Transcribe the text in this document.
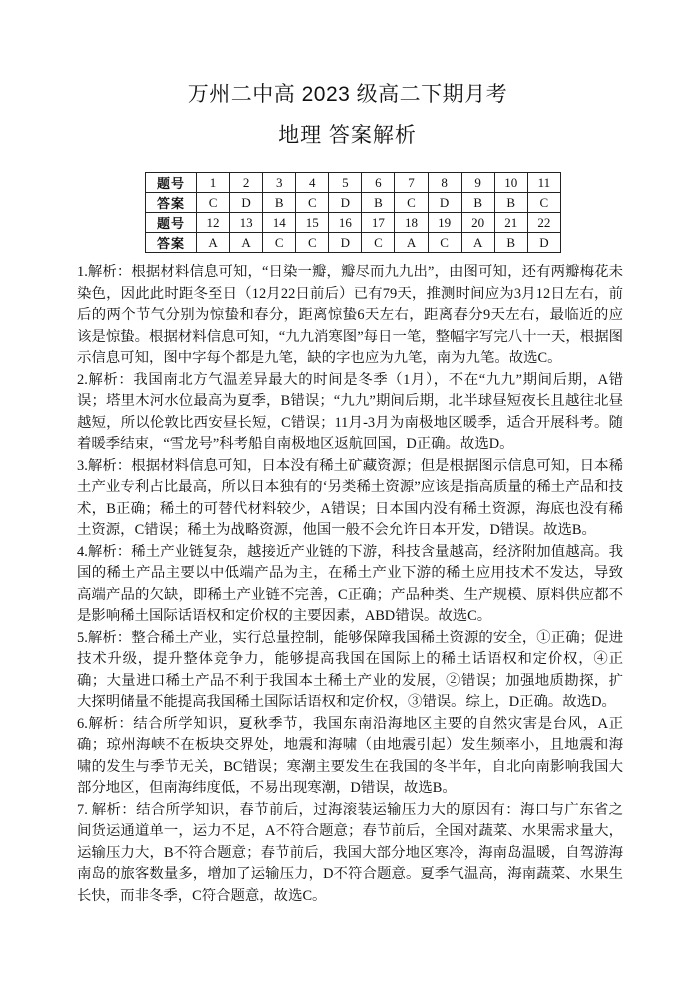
万州二中高 2023 级高二下期月考
地理 答案解析
题号	1	2	3	4	5	6	7	8	9	10	11
答案	C	D	B	C	D	B	C	D	B	B	C
题号	12	13	14	15	16	17	18	19	20	21	22
答案	A	A	C	C	D	C	A	C	A	B	D

1.解析：根据材料信息可知，“日染一瓣，瓣尽而九九出”，由图可知，还有两瓣梅花未染色，因此此时距冬至日（12月22日前后）已有79天，推测时间应为3月12日左右，前后的两个节气分别为惊蛰和春分，距离惊蛰6天左右，距离春分9天左右，最临近的应该是惊蛰。根据材料信息可知，“九九消寒图”每日一笔，整幅字写完八十一天，根据图示信息可知，图中字每个都是九笔，缺的字也应为九笔，南为九笔。故选C。

2.解析：我国南北方气温差异最大的时间是冬季（1月），不在“九九”期间后期，A错误；塔里木河水位最高为夏季，B错误；“九九”期间后期，北半球昼短夜长且越往北昼越短，所以伦敦比西安昼长短，C错误；11月-3月为南极地区暖季，适合开展科考。随着暖季结束，“雪龙号”科考船自南极地区返航回国，D正确。故选D。

3.解析：根据材料信息可知，日本没有稀土矿藏资源；但是根据图示信息可知，日本稀土产业专利占比最高，所以日本独有的‘另类稀土资源”应该是指高质量的稀土产品和技术，B正确；稀土的可替代材料较少，A错误；日本国内没有稀土资源，海底也没有稀土资源，C错误；稀土为战略资源，他国一般不会允许日本开发，D错误。故选B。

4.解析：稀土产业链复杂，越接近产业链的下游，科技含量越高，经济附加值越高。我国的稀土产品主要以中低端产品为主，在稀土产业下游的稀土应用技术不发达，导致高端产品的欠缺，即稀土产业链不完善，C正确；产品种类、生产规模、原料供应都不是影响稀土国际话语权和定价权的主要因素，ABD错误。故选C。

5.解析：整合稀土产业，实行总量控制，能够保障我国稀土资源的安全，①正确；促进技术升级，提升整体竞争力，能够提高我国在国际上的稀土话语权和定价权，④正确；大量进口稀土产品不利于我国本土稀土产业的发展，②错误；加强地质勘探，扩大探明储量不能提高我国稀土国际话语权和定价权，③错误。综上，D正确。故选D。

6.解析：结合所学知识，夏秋季节，我国东南沿海地区主要的自然灾害是台风，A正确；琼州海峡不在板块交界处，地震和海啸（由地震引起）发生频率小，且地震和海啸的发生与季节无关，BC错误；寒潮主要发生在我国的冬半年，自北向南影响我国大部分地区，但南海纬度低，不易出现寒潮，D错误，故选B。

7. 解析：结合所学知识，春节前后，过海滚装运输压力大的原因有：海口与广东省之间货运通道单一，运力不足，A不符合题意；春节前后，全国对蔬菜、水果需求量大，运输压力大，B不符合题意；春节前后，我国大部分地区寒冷，海南岛温暖，自驾游海南岛的旅客数量多，增加了运输压力，D不符合题意。夏季气温高，海南蔬菜、水果生长快，而非冬季，C符合题意，故选C。
